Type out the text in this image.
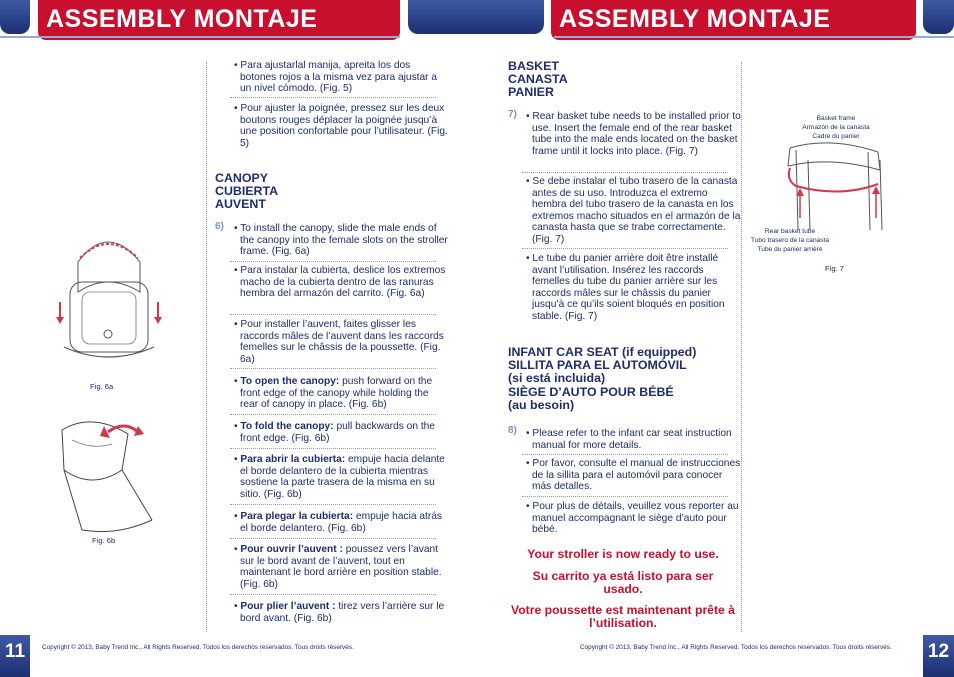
ASSEMBLY MONTAJE ASSEMBLEE
ASSEMBLY MONTAJE ASSEMBLEE
Fig. 6a
Fig. 6b
• Para ajustarlal manija, apreita los dos botones rojos a la misma vez para ajustar a un nivel cómodo. (Fig. 5)
• Pour ajuster la poignée, pressez sur les deux boutons rouges déplacer la poignée jusqu’à une position confortable pour l’utilisateur. (Fig. 5)
CANOPY
CUBIERTA
AUVENT
6) • To install the canopy, slide the male ends of the canopy into the female slots on the stroller frame. (Fig. 6a)
• Para instalar la cubierta, deslice los extremos macho de la cubierta dentro de las ranuras hembra del armazón del carrito. (Fig. 6a)
• Pour installer l’auvent, faites glisser les raccords mâles de l’auvent dans les raccords femelles sur le châssis de la poussette. (Fig. 6a)
• To open the canopy: push forward on the front edge of the canopy while holding the rear of canopy in place. (Fig. 6b)
• To fold the canopy: pull backwards on the front edge. (Fig. 6b)
• Para abrir la cubierta: empuje hacia delante el borde delantero de la cubierta mientras sostiene la parte trasera de la misma en su sitio. (Fig. 6b)
• Para plegar la cubierta: empuje hacia atrás el borde delantero. (Fig. 6b)
• Pour ouvrir l’auvent : poussez vers l’avant sur le bord avant de l’auvent, tout en maintenant le bord arrière en position stable. (Fig. 6b)
• Pour plier l’auvent : tirez vers l’arrière sur le bord avant. (Fig. 6b)
11	Copyright © 2013, Baby Trend Inc., All Rights Reserved. Todos los derechos reservados. Tous droits réservés.
BASKET
CANASTA
PANIER
7) • Rear basket tube needs to be installed prior to use. Insert the female end of the rear basket tube into the male ends located on the basket frame until it locks into place. (Fig. 7)
• Se debe instalar el tubo trasero de la canasta antes de su uso. Introduzca el extremo hembra del tubo trasero de la canasta en los extremos macho situados en el armazón de la canasta hasta que se trabe correctamente. (Fig. 7)
• Le tube du panier arrière doit être installé avant l’utilisation. Insérez les raccords femelles du tube du panier arrière sur les raccords mâles sur le châssis du panier jusqu’à ce qu’ils soient bloqués en position stable. (Fig. 7)
INFANT CAR SEAT (if equipped)
SILLITA PARA EL AUTOMÓVIL
(si está incluida)
SIÈGE D’AUTO POUR BÉBÉ
(au besoin)
8) • Please refer to the infant car seat instruction manual for more details.
• Por favor, consulte el manual de instrucciones de la sillita para el automóvil para conocer más detalles.
• Pour plus de détails, veuillez vous reporter au manuel accompagnant le siège d’auto pour bébé.
Your stroller is now ready to use.
Su carrito ya está listo para ser usado.
Votre poussette est maintenant prête à l’utilisation.
Basket frame
Armazón de la canasta
Cadre du panier
Rear basket tube
Tubo trasero de la canasta
Tube du panier arrière
Fig. 7
12
Copyright © 2013, Baby Trend Inc., All Rights Reserved. Todos los derechos reservados. Tous droits réservés.
